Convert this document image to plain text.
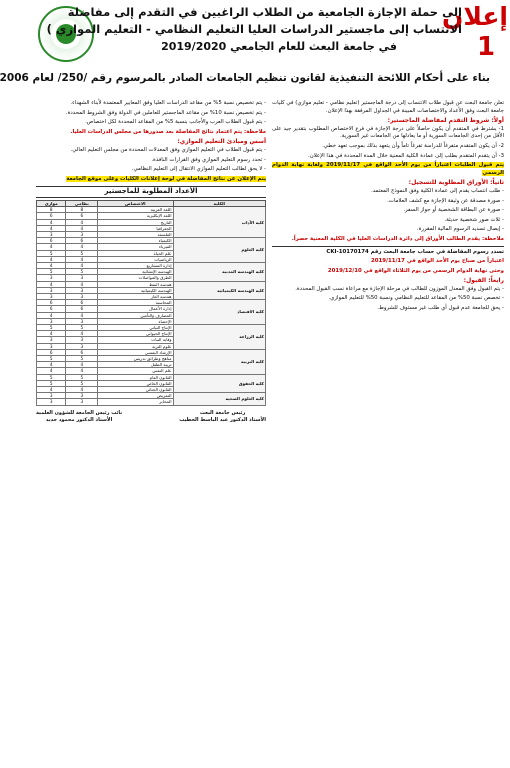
إعلان
1
إلى حملة الإجازة الجامعية من الطلاب الراغبين في التقدم إلى مفاضلة
الانتساب إلى ماجستير الدراسات العليا التعليم النظامي - التعليم الموازي )
في جامعة البعث للعام الجامعي 2019/2020
بناء على أحكام اللائحة التنفيذية لقانون تنظيم الجامعات الصادر بالمرسوم رقم /250/ لعام 2006
تعلن جامعة البعث عن قبول طلاب الانتساب إلى درجة الماجستير (تعليم نظامي - تعليم موازي) في كليات جامعة البعث وفق الأعداد والاختصاصات المبينة في الجداول المرفقة بهذا الإعلان.
أولاً: شروط التقدم لمفاضلة الماجستير:
1- يشترط في المتقدم أن يكون حاصلاً على درجة الإجازة في فرع الاختصاص المطلوب بتقدير جيد على الأقل من إحدى الجامعات السورية أو ما يعادلها من الجامعات غير السورية.
2- أن يكون المتقدم متفرغاً للدراسة تفرغاً تاماً وأن يتعهد بذلك بموجب تعهد خطي.
3- أن يتقدم المتقدم بطلب إلى عمادة الكلية المعنية خلال المدة المحددة في هذا الإعلان.
يتم قبول الطلبات اعتباراً من يوم الأحد الواقع في 2019/11/17 ولغاية نهاية الدوام الرسمي
ثانياً: الأوراق المطلوبة للتسجيل:
- طلب انتساب يقدم إلى عمادة الكلية وفق النموذج المعتمد.
- صورة مصدقة عن وثيقة الإجازة مع كشف العلامات.
- صورة عن البطاقة الشخصية أو جواز السفر.
- ثلاث صور شخصية حديثة.
- إيصال تسديد الرسوم المالية المقررة.
ملاحظة: يقدم الطالب الأوراق إلى دائرة الدراسات العليا في الكلية المعنية حصراً.
تسدد رسوم المفاضلة في حساب جامعة البعث رقم CKI-10170174
اعتباراً من صباح يوم الأحد الواقع في 2019/11/17
وحتى نهاية الدوام الرسمي من يوم الثلاثاء الواقع في 2019/12/10
رابعاً: القبول:
- يتم القبول وفق المعدل الموزون للطالب في مرحلة الإجازة مع مراعاة نسب القبول المحددة.
- تخصص نسبة 50% من المقاعد للتعليم النظامي ونسبة 50% للتعليم الموازي.
- يحق للجامعة عدم قبول أي طلب غير مستوف للشروط.
- يتم تخصيص نسبة 5% من مقاعد الدراسات العليا وفق المعايير المعتمدة لأبناء الشهداء.
- يتم تخصيص نسبة 10% من مقاعد الماجستير للعاملين في الدولة وفق الشروط المحددة.
- يتم قبول الطلاب العرب والأجانب بنسبة 5% من المقاعد المحددة لكل اختصاص.
ملاحظة: يتم اعتماد نتائج المفاضلة بعد صدورها من مجلس الدراسات العليا.
أسس ومبادئ التعليم الموازي:
- يتم قبول الطلاب في التعليم الموازي وفق المعدلات المحددة من مجلس التعليم العالي.
- تحدد رسوم التعليم الموازي وفق القرارات النافذة.
- لا يحق لطالب التعليم الموازي الانتقال إلى التعليم النظامي.
يتم الإعلان عن نتائج المفاضلة في لوحة إعلانات الكليات وعلى موقع الجامعة
الأعداد المطلوبة للماجستير
الكلية	الاختصاص	نظامي	موازي
كلية الآداب	اللغة العربية	8	8
	اللغة الإنكليزية	6	6
	التاريخ	4	4
	الجغرافيا	4	4
	الفلسفة	3	3
كلية العلوم	الكيمياء	6	6
	الفيزياء	4	4
	علم الحياة	5	5
	الرياضيات	4	4
كلية الهندسة المدنية	إدارة المشاريع	4	4
	الهندسة الإنشائية	5	5
	الطرق والمواصلات	3	3
كلية الهندسة الكيميائية	هندسة النفط	4	4
	الهندسة الكيميائية	3	3
	هندسة الغاز	3	3
كلية الاقتصاد	المحاسبة	6	6
	إدارة الأعمال	6	6
	المصارف والتأمين	4	4
	الإحصاء	3	3
كلية الزراعة	الإنتاج النباتي	5	5
	الإنتاج الحيواني	4	4
	وقاية النبات	3	3
	علوم التربة	3	3
كلية التربية	الإرشاد النفسي	6	6
	مناهج وطرائق تدريس	5	5
	تربية الطفل	4	4
	علم النفس	4	4
كلية الحقوق	القانون العام	5	5
	القانون الخاص	5	5
	القانون الجنائي	4	4
كلية العلوم الصحية	التمريض	3	3
	المخابر	3	3
رئيس جامعة البعث
الأستاذ الدكتور عبد الباسط الخطيب
نائب رئيس الجامعة للشؤون العلمية
الأستاذ الدكتور محمود حديد
